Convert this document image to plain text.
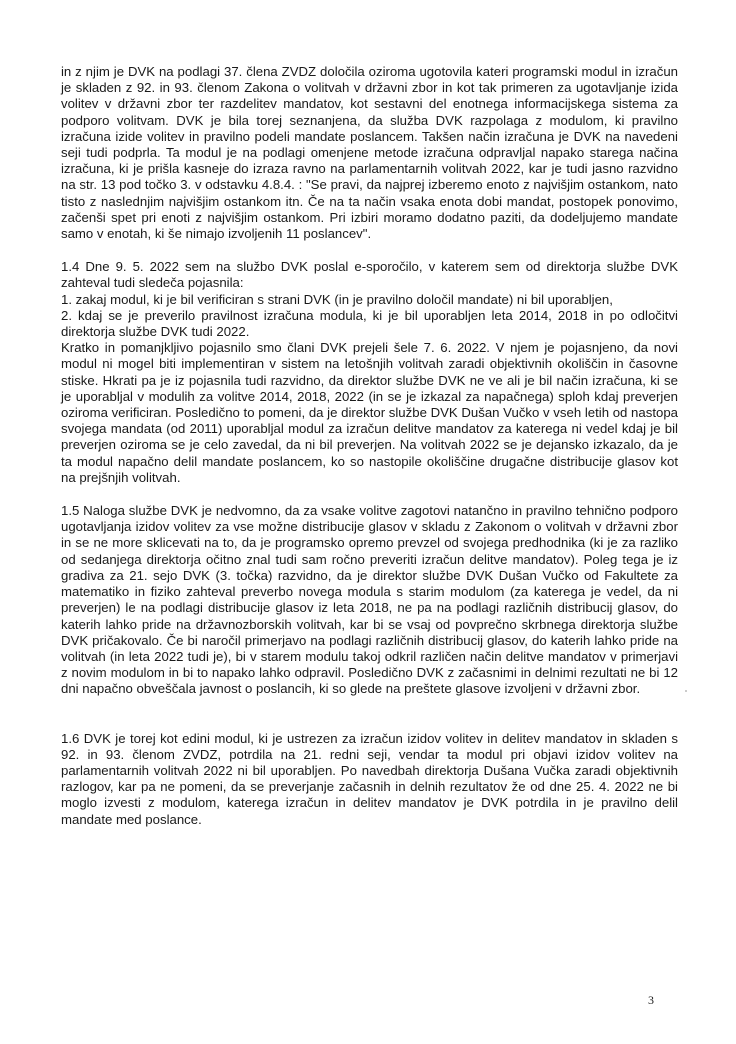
in z njim je DVK na podlagi 37. člena ZVDZ določila oziroma ugotovila kateri programski modul in izračun je skladen z 92. in 93. členom Zakona o volitvah v državni zbor in kot tak primeren za ugotavljanje izida volitev v državni zbor ter razdelitev mandatov, kot sestavni del enotnega informacijskega sistema za podporo volitvam. DVK je bila torej seznanjena, da služba DVK razpolaga z modulom, ki pravilno izračuna izide volitev in pravilno podeli mandate poslancem. Takšen način izračuna je DVK na navedeni seji tudi podprla. Ta modul je na podlagi omenjene metode izračuna odpravljal napako starega načina izračuna, ki je prišla kasneje do izraza ravno na parlamentarnih volitvah 2022, kar je tudi jasno razvidno na str. 13 pod točko 3. v odstavku 4.8.4. : "Se pravi, da najprej izberemo enoto z najvišjim ostankom, nato tisto z naslednjim najvišjim ostankom itn. Če na ta način vsaka enota dobi mandat, postopek ponovimo, začenši spet pri enoti z najvišjim ostankom. Pri izbiri moramo dodatno paziti, da dodeljujemo mandate samo v enotah, ki še nimajo izvoljenih 11 poslancev".

1.4 Dne 9. 5. 2022 sem na službo DVK poslal e-sporočilo, v katerem sem od direktorja službe DVK zahteval tudi sledeča pojasnila:

1. zakaj modul, ki je bil verificiran s strani DVK (in je pravilno določil mandate) ni bil uporabljen,

2. kdaj se je preverilo pravilnost izračuna modula, ki je bil uporabljen leta 2014, 2018 in po odločitvi direktorja službe DVK tudi 2022.

Kratko in pomanjkljivo pojasnilo smo člani DVK prejeli šele 7. 6. 2022. V njem je pojasnjeno, da novi modul ni mogel biti implementiran v sistem na letošnjih volitvah zaradi objektivnih okoliščin in časovne stiske. Hkrati pa je iz pojasnila tudi razvidno, da direktor službe DVK ne ve ali je bil način izračuna, ki se je uporabljal v modulih za volitve 2014, 2018, 2022 (in se je izkazal za napačnega) sploh kdaj preverjen oziroma verificiran. Posledično to pomeni, da je direktor službe DVK Dušan Vučko v vseh letih od nastopa svojega mandata (od 2011) uporabljal modul za izračun delitve mandatov za katerega ni vedel kdaj je bil preverjen oziroma se je celo zavedal, da ni bil preverjen. Na volitvah 2022 se je dejansko izkazalo, da je ta modul napačno delil mandate poslancem, ko so nastopile okoliščine drugačne distribucije glasov kot na prejšnjih volitvah.

1.5 Naloga službe DVK je nedvomno, da za vsake volitve zagotovi natančno in pravilno tehnično podporo ugotavljanja izidov volitev za vse možne distribucije glasov v skladu z Zakonom o volitvah v državni zbor in se ne more sklicevati na to, da je programsko opremo prevzel od svojega predhodnika (ki je za razliko od sedanjega direktorja očitno znal tudi sam ročno preveriti izračun delitve mandatov). Poleg tega je iz gradiva za 21. sejo DVK (3. točka) razvidno, da je direktor službe DVK Dušan Vučko od Fakultete za matematiko in fiziko zahteval preverbo novega modula s starim modulom (za katerega je vedel, da ni preverjen) le na podlagi distribucije glasov iz leta 2018, ne pa na podlagi različnih distribucij glasov, do katerih lahko pride na državnozborskih volitvah, kar bi se vsaj od povprečno skrbnega direktorja službe DVK pričakovalo. Če bi naročil primerjavo na podlagi različnih distribucij glasov, do katerih lahko pride na volitvah (in leta 2022 tudi je), bi v starem modulu takoj odkril različen način delitve mandatov v primerjavi z novim modulom in bi to napako lahko odpravil. Posledično DVK z začasnimi in delnimi rezultati ne bi 12 dni napačno obveščala javnost o poslancih, ki so glede na preštete glasove izvoljeni v državni zbor.

1.6 DVK je torej kot edini modul, ki je ustrezen za izračun izidov volitev in delitev mandatov in skladen s 92. in 93. členom ZVDZ, potrdila na 21. redni seji, vendar ta modul pri objavi izidov volitev na parlamentarnih volitvah 2022 ni bil uporabljen. Po navedbah direktorja Dušana Vučka zaradi objektivnih razlogov, kar pa ne pomeni, da se preverjanje začasnih in delnih rezultatov že od dne 25. 4. 2022 ne bi moglo izvesti z modulom, katerega izračun in delitev mandatov je DVK potrdila in je pravilno delil mandate med poslance.

3
